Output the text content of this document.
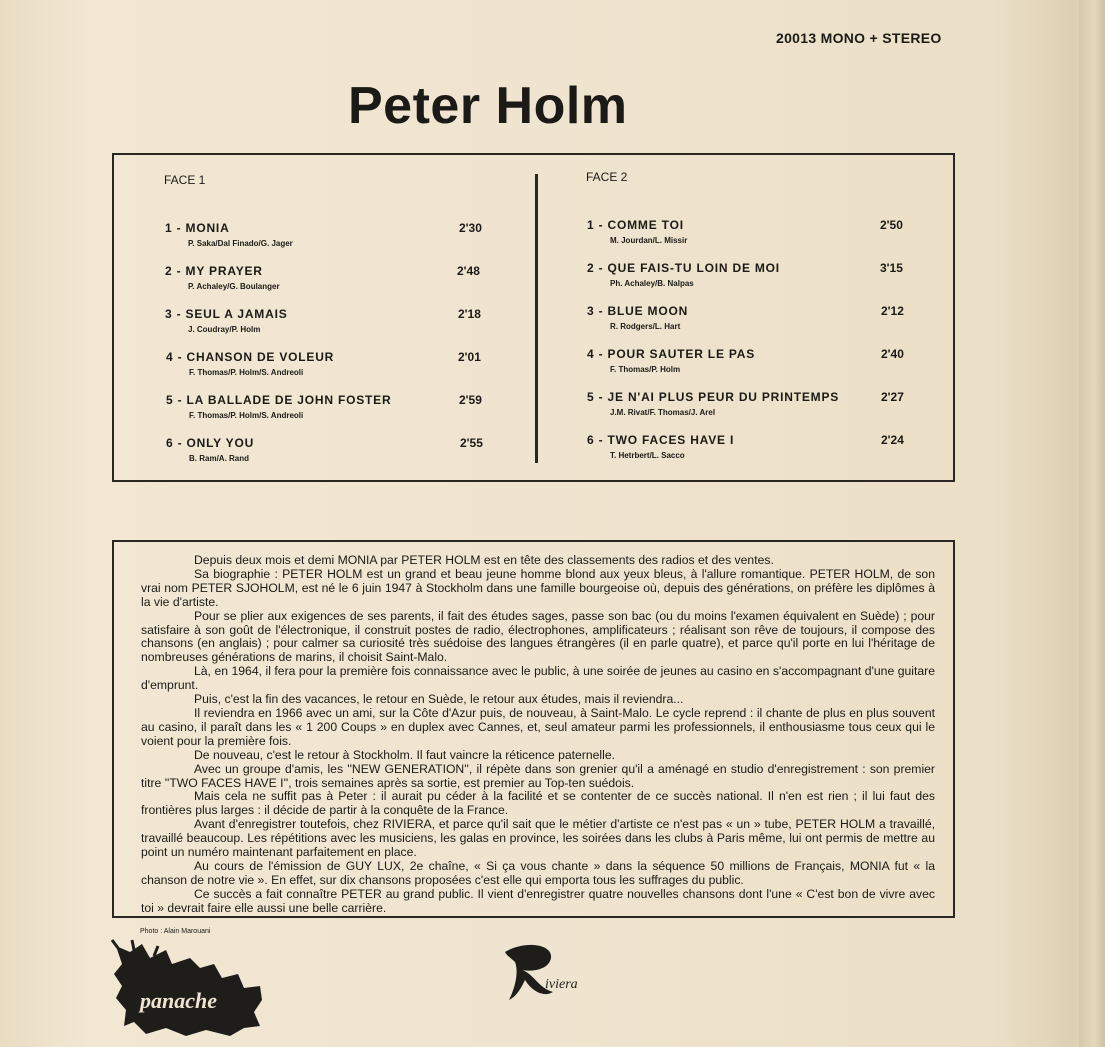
20013 MONO + STEREO
Peter Holm
FACE 1	FACE 2
1 - MONIA	2'30
P. Saka/Dal Finado/G. Jager
2 - MY PRAYER	2'48
P. Achaley/G. Boulanger
3 - SEUL A JAMAIS	2'18
J. Coudray/P. Holm
4 - CHANSON DE VOLEUR	2'01
F. Thomas/P. Holm/S. Andreoli
5 - LA BALLADE DE JOHN FOSTER	2'59
F. Thomas/P. Holm/S. Andreoli
6 - ONLY YOU	2'55
B. Ram/A. Rand
1 - COMME TOI	2'50
M. Jourdan/L. Missir
2 - QUE FAIS-TU LOIN DE MOI	3'15
Ph. Achaley/B. Nalpas
3 - BLUE MOON	2'12
R. Rodgers/L. Hart
4 - POUR SAUTER LE PAS	2'40
F. Thomas/P. Holm
5 - JE N'AI PLUS PEUR DU PRINTEMPS	2'27
J.M. Rivat/F. Thomas/J. Arel
6 - TWO FACES HAVE I	2'24
T. Hetrbert/L. Sacco

Depuis deux mois et demi MONIA par PETER HOLM est en tête des classements des radios et des ventes.

Sa biographie : PETER HOLM est un grand et beau jeune homme blond aux yeux bleus, à l'allure romantique. PETER HOLM, de son vrai nom PETER SJOHOLM, est né le 6 juin 1947 à Stockholm dans une famille bourgeoise où, depuis des générations, on préfère les diplômes à la vie d'artiste.

Pour se plier aux exigences de ses parents, il fait des études sages, passe son bac (ou du moins l'examen équivalent en Suède) ; pour satisfaire à son goût de l'électronique, il construit postes de radio, électrophones, amplificateurs ; réalisant son rêve de toujours, il compose des chansons (en anglais) ; pour calmer sa curiosité très suédoise des langues étrangères (il en parle quatre), et parce qu'il porte en lui l'héritage de nombreuses générations de marins, il choisit Saint-Malo.

Là, en 1964, il fera pour la première fois connaissance avec le public, à une soirée de jeunes au casino en s'accompagnant d'une guitare d'emprunt.

Puis, c'est la fin des vacances, le retour en Suède, le retour aux études, mais il reviendra...

Il reviendra en 1966 avec un ami, sur la Côte d'Azur puis, de nouveau, à Saint-Malo. Le cycle reprend : il chante de plus en plus souvent au casino, il paraît dans les « 1 200 Coups » en duplex avec Cannes, et, seul amateur parmi les professionnels, il enthousiasme tous ceux qui le voient pour la première fois.

De nouveau, c'est le retour à Stockholm. Il faut vaincre la réticence paternelle.

Avec un groupe d'amis, les ''NEW GENERATION'', il répète dans son grenier qu'il a aménagé en studio d'enregistrement : son premier titre ''TWO FACES HAVE I'', trois semaines après sa sortie, est premier au Top-ten suédois.

Mais cela ne suffit pas à Peter : il aurait pu céder à la facilité et se contenter de ce succès national. Il n'en est rien ; il lui faut des frontières plus larges : il décide de partir à la conquête de la France.

Avant d'enregistrer toutefois, chez RIVIERA, et parce qu'il sait que le métier d'artiste ce n'est pas « un » tube, PETER HOLM a travaillé, travaillé beaucoup. Les répétitions avec les musiciens, les galas en province, les soirées dans les clubs à Paris même, lui ont permis de mettre au point un numéro maintenant parfaitement en place.

Au cours de l'émission de GUY LUX, 2e chaîne, « Si ça vous chante » dans la séquence 50 millions de Français, MONIA fut « la chanson de notre vie ». En effet, sur dix chansons proposées c'est elle qui emporta tous les suffrages du public.

Ce succès a fait connaître PETER au grand public. Il vient d'enregistrer quatre nouvelles chansons dont l'une « C'est bon de vivre avec toi » devrait faire elle aussi une belle carrière.

Photo : Alain Marouani
panache
iviera
